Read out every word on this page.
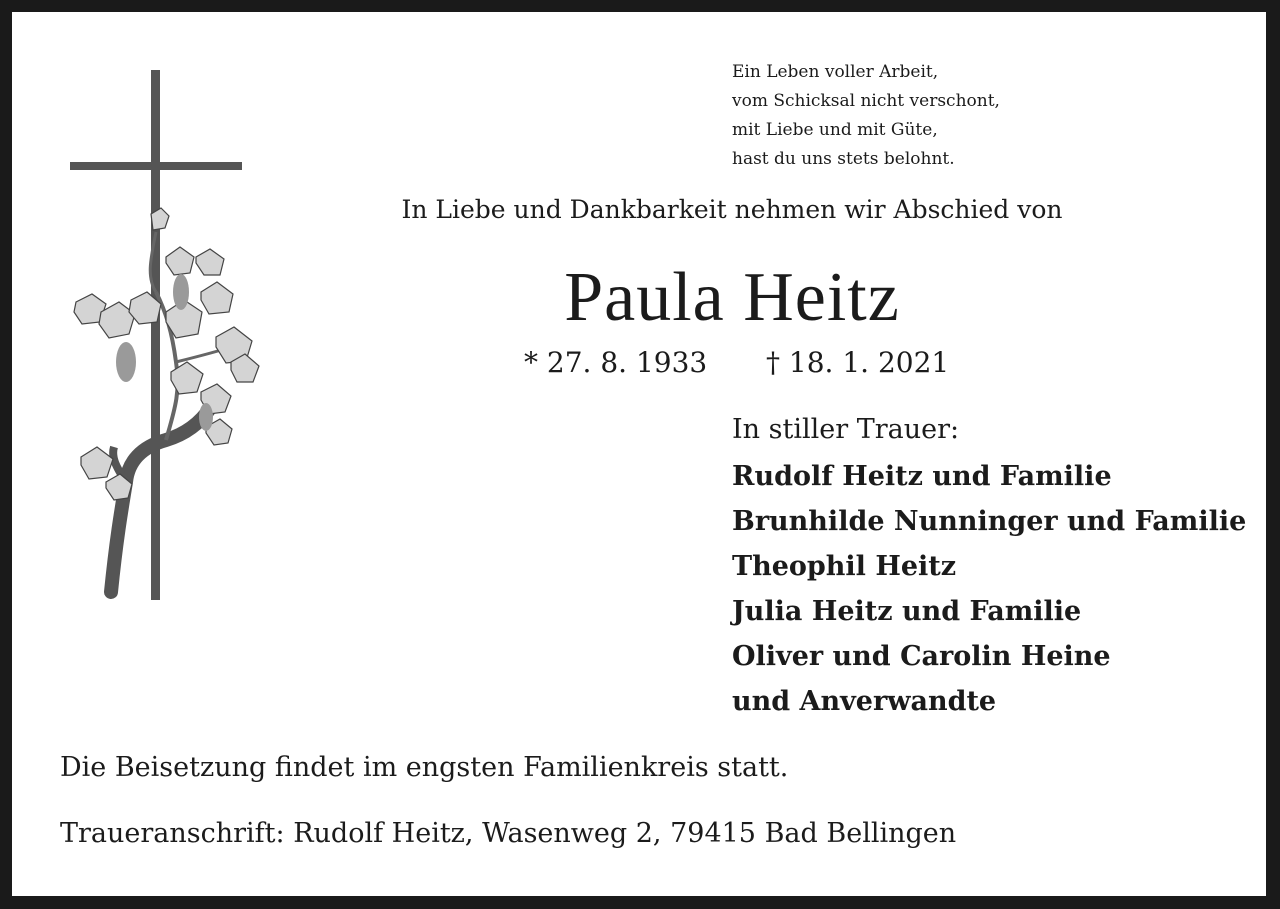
Ein Leben voller Arbeit,
vom Schicksal nicht verschont,
mit Liebe und mit Güte,
hast du uns stets belohnt.
In Liebe und Dankbarkeit nehmen wir Abschied von
Paula Heitz
* 27. 8. 1933 † 18. 1. 2021
In stiller Trauer:
Rudolf Heitz und Familie
Brunhilde Nunninger und Familie
Theophil Heitz
Julia Heitz und Familie
Oliver und Carolin Heine
und Anverwandte
Die Beisetzung findet im engsten Familienkreis statt.
Traueranschrift: Rudolf Heitz, Wasenweg 2, 79415 Bad Bellingen
